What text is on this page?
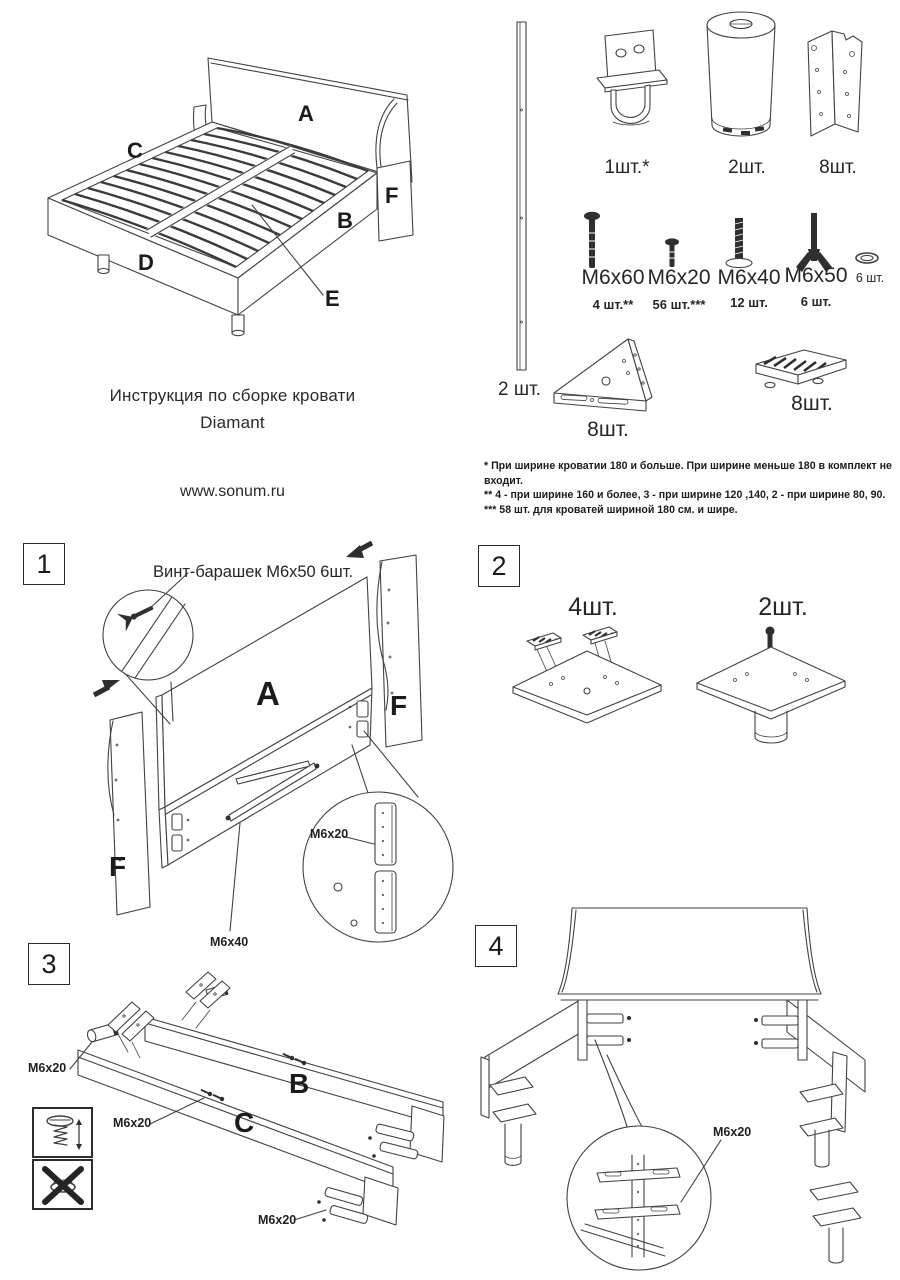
A
C
F
B
D
E
Инструкция по сборке кровати
Diamant
www.sonum.ru
2 шт.
1шт.*	2шт.	8шт.
M6x60
4 шт.**
M6x20
56 шт.***
M6x40
12 шт.
M6x50
6 шт.
6 шт.
8шт.
8шт.
* При ширине кроватии 180 и больше. При ширине меньше 180 в комплект не входит.
** 4 - при ширине 160 и более, 3 - при ширине 120 ,140, 2 - при ширине 80, 90.
*** 58 шт. для кроватей шириной 180 см. и шире.
1	Винт-барашек М6х50 6шт.
A	F
F
M6x20
M6x40
2
4шт.	2шт.
3
B
C
M6x20
M6x20
M6x20
4
M6x20
